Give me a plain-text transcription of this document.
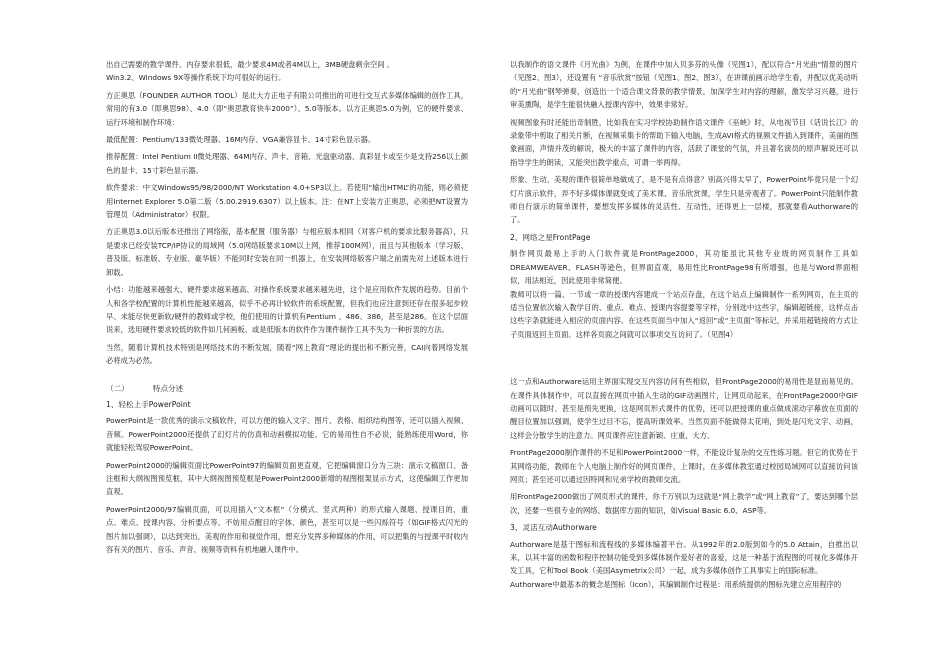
出自己需要的教学课件。内存要求很低，最少要求4M或者4M以上，3MB硬盘剩余空间 。

Win3.2、Windows 9X等操作系统下均可很好的运行。

方正奥思（FOUNDER AUTHOR TOOL）是北大方正电子有限公司推出的可进行交互式多媒体编辑的创作工具，常用的有3.0（即奥思98）、4.0（即“奥思教育快车2000”）、5.0等版本。以方正奥思5.0为例，它的硬件要求、运行环境和制作环境：

最低配置：Pentium/133微处理器、16M内存、VGA兼容显卡、14寸彩色显示器。

推荐配置：Intel Pentium II微处理器、64M内存、声卡、音箱、光盘驱动器、真彩显卡或至少是支持256以上颜色的显卡、15寸彩色显示器。

软件要求：中文Windows95/98/2000/NT Workstation 4.0+SP3以上。若使用“输出HTML”的功能，则必须使用Internet Explorer 5.0第二版（5.00.2919.6307）以上版本。注：在NT上安装方正奥思，必须把NT设置为管理员（Administrator）权限。

方正奥思3.0以后版本还推出了网络版，基本配置（服务器）与相应版本相同（对客户机的要求比服务器高），只是要求已经安装TCP/IP协议的局域网（5.0网络版要求10M以上网，推荐100M网），而且与其他版本（学习版、普及版、标准版、专业版、豪华版）不能同时安装在同一机器上，在安装网络版客户端之前需先对上述版本进行卸载。

小结：功能越来越强大、硬件要求越来越高、对操作系统要求越来越先进，这个是应用软件发展的趋势。目前个人和各学校配置的计算机性能越来越高，似乎不必再计较软件的系统配置，但我们也应注意到还存在很多起步较早、未能尽快更新软/硬件的教师或学校，他们使用的计算机有Pentium 、486、386，甚至是286。在这个层面说来，选用硬件要求较低的软件如几何画板、或是低版本的软件作为课件制作工具不失为一种折衷的方法。

当然，随着计算机技术特别是网络技术的不断发展，随着“网上教育”理论的提出和不断完善，CAI向着网络发展必将成为必然。

（二）	特点分述

1、轻松上手PowerPoint

PowerPoint是一款优秀的演示文稿软件，可以方便的输入文字、图片、表格、组织结构图等，还可以插入视频、音频。PowerPoint2000还提供了幻灯片的仿真和动画模拟功能。它的易用性自不必说，能熟练使用Word，你就能轻松驾驭PowerPoint。

PowerPoint2000的编辑页面比PowerPoint97的编辑页面更直观，它把编辑窗口分为三块：演示文稿窗口、备注框和大纲视图预览框，其中大纲视图预览框是PowerPoint2000新增的视图框架显示方式，这使编辑工作更加直观。

PowerPoint2000/97编辑页面，可以用插入“文本框”（分横式、竖式两种）的形式输入课题、授课目的、重点、难点、授课内容、分析要点等。不妨用点醒目的字体、颜色，甚至可以是一些闪烁符号（如GIF格式闪光的图片加以强调），以达到突出、美观的作用和视觉作用，想充分发挥多种媒体的作用，可以把集的与授课平时收内容有关的图片、音乐、声音、视频等资料有机地融入课件中。

以我制作的语文课件《月光曲》为例，在课件中加入贝多芬的头像（见图1），配以符合“月光曲”情景的图片（见图2、图3），还设置有 “音乐欣赏”按钮（见图1、图2、图3），在讲课前画示给学生看，并配以优美动听的“月光曲”钢琴弹奏，创造出一个适合课文背景的教学情景，加深学生对内容的理解，激发学习兴趣，进行审美熏陶，是学生能很快融入授课内容中，效果非常好。

视频图象有时还能出奇制胜，比如我在实习学校协助制作语文课件《巫峡》时，从电视节目《话说长江》的录象带中剪取了相关片断，在视频采集卡的帮助下输入电脑，生成AVI格式的视频文件插入到课件，美丽的图象画面，声情并茂的解说，极大的丰富了课件的内容，活跃了课堂的气氛，并且著名演员的原声解说还可以指导学生的朗读，又能突出教学重点，可谓一举两得。

形象、生动、美观的课件很简单地做成了，是不是有点得意？别高兴得太早了，PowerPoint毕竟只是一个幻灯片演示软件，弄不好多媒体课就变成了美术课、音乐欣赏课，学生只是旁观者了。PowerPoint只能制作教师自行演示的简单课件，要想发挥多媒体的灵活性、互动性，还得更上一层楼，那就要看Authorware的了。

2、网络之星FrontPage

制作网页最易上手的入门软件就是FrontPage2000，其功能虽比其他专业级的网页制作工具如DREAMWEAVER、FLASH等逊色，但界面直观，易用性比FrontPage98有所增强，也是与Word界面相似，用法相近，因此使用非常简便。

教师可以将一篇、一节或一章的授课内容建成一个站点存盘，在这个站点上编辑制作一系列网页，在主页的适当位置依次输入教学目的、重点、难点、授课内容提要等字样，分别选中这些字，编辑超链接，这样点击这些字条就能进入相应的页面内容。在这些页面当中加入“返回”或“主页面”等标记，并采用超链接的方式让子页面返回主页面。这样各页面之间就可以事项交互访问了。（见图4）

这一点和Authorware运用主界面实现交互内容访问有些相似，但FrontPage2000的易用性是显而易见的。在课件具体制作中，可以直接在网页中插入生动的GIF动画图片，让网页动起来，在FrontPage2000中GIF动画可以随时、甚至是预先更换，这是网页形式课件的优势，还可以把授课的重点做成滚动字幕放在页面的醒目位置加以强调，使学生过目不忘，提高听课效率。当然页面不能做得太花哨，到处是闪光文字、动画，这样会分散学生的注意力。网页课件应注意新颖、庄重、大方。

FrontPage2000制作课件的不足和PowerPoint2000一样，不能设计复杂的交互性练习题。但它的优势在于其网络功能，教师在个人电脑上制作好的网页课件，上课时，在多媒体教室通过校园局域网可以直接访问该网页；甚至还可以通过因特网和兄弟学校的教师交流。

用FrontPage2000做出了网页形式的课件，你千万别以为这就是“网上教学”或“网上教育”了，要达到哪个层次，还要一些很专业的网络、数据库方面的知识，如Visual Basic 6.0、ASP等。

3、灵活互动Authorware

Authorware是基于图标和流程线的多媒体编著平台。从1992年的2.0版到如今的5.0 Attain，自推出以来，以其丰富的函数和程序控制功能受到多媒体制作爱好者的喜爱，这是一种基于流程图的可视化多媒体开发工具，它和Tool Book（美国Asymetrix公司）一起，成为多媒体创作工具事实上的国际标准。

Authorware中最基本的概念是图标（Icon），其编辑制作过程是：用系统提供的图标先建立应用程序的
